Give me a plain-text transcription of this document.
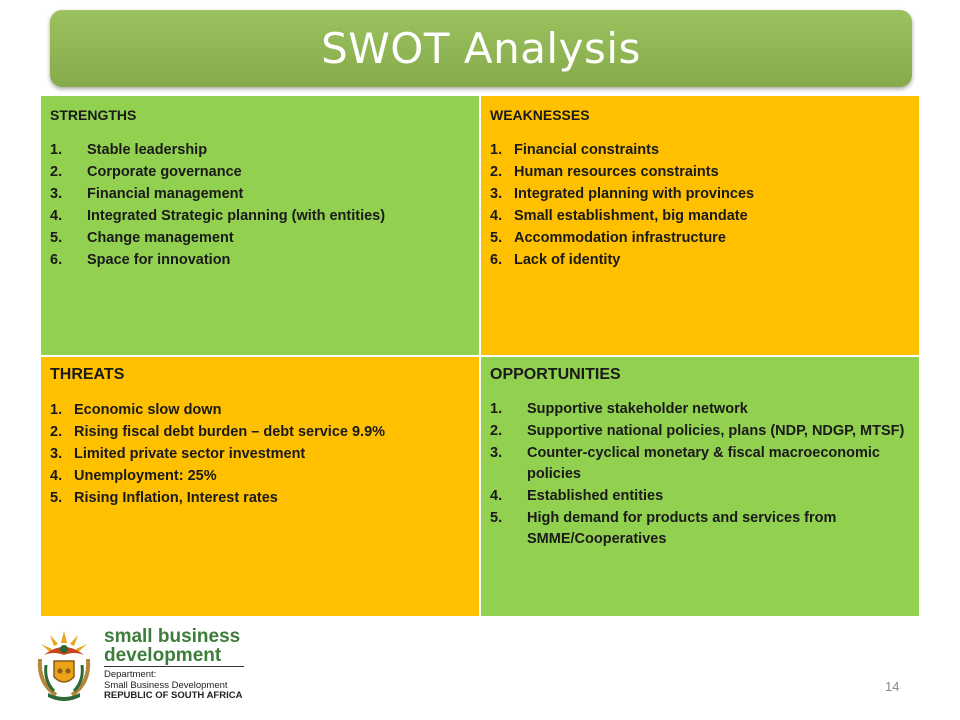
SWOT Analysis
STRENGTHS
1.	Stable leadership
2.	Corporate governance
3.	Financial management
4.	Integrated Strategic planning (with entities)
5.	Change management
6.	Space for innovation
WEAKNESSES
1. Financial constraints
2. Human resources constraints
3. Integrated planning with provinces
4. Small establishment, big mandate
5. Accommodation infrastructure
6. Lack of identity
THREATS
1. Economic slow down
2. Rising fiscal debt burden – debt service 9.9%
3. Limited private sector investment
4. Unemployment: 25%
5. Rising Inflation, Interest rates
OPPORTUNITIES
1.	Supportive stakeholder network
2.	Supportive national policies, plans (NDP, NDGP, MTSF)
3.	Counter-cyclical monetary & fiscal macroeconomic policies
4.	Established entities
5.	High demand for products and services from SMME/Cooperatives
small business
development
Department:
Small Business Development
REPUBLIC OF SOUTH AFRICA
14
